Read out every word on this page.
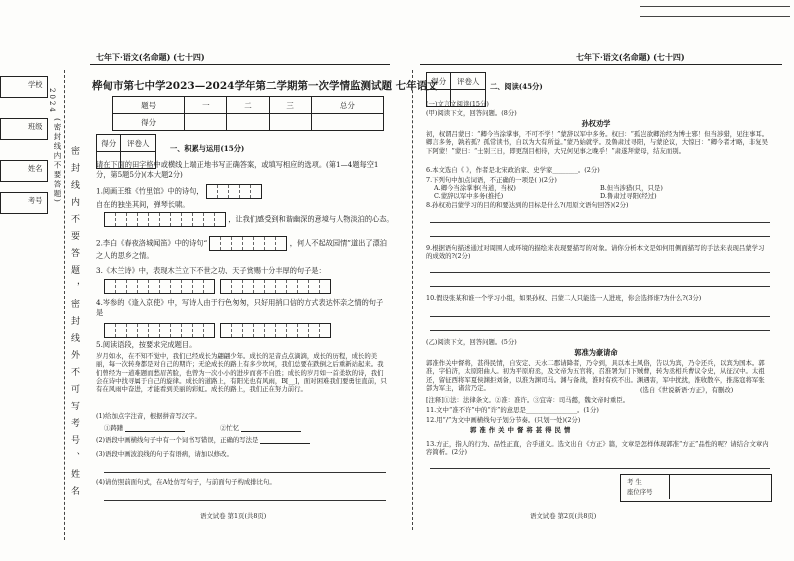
学校
班级
姓名
考号
2024
(密封线内不要答题) 密封线内不要答题，密封线外不可写考号、姓名
七年下·语文(名命题) (七十四)
桦甸市第七中学2023—2024学年第二学期第一次学情监测试题 七年语文
题号	一	二	三	总分
得分				
得分	评卷人

一、积累与运用(15分)
请在下面的田字格中或横线上端正地书写正确答案，或填写相应的选项。(第1—4题每空1分，第5题5分)(本大题2分)
1.阅画王维《竹里馆》中的诗句，
自在的独坐其间，弹琴长啸。
，让我们感受到和谐幽深的意境与人物淡泊的心态。
2.李白《春夜洛城闻笛》中的诗句“	，何人不起故园情”道出了漂泊之人的思乡之情。
3.《木兰诗》中，表现木兰立下不世之功、天子赏赐十分丰厚的句子是：

4.岑参的《逢入京使》中，写诗人由于行色匆匆，只好用捎口信的方式表达怀亲之情的句子是

5.阅读语段，按要求完成题目。
岁月如水，在不知不觉中，我们已经成长为翩翩少年。成长的足音点点滴滴，成长的历程，成长的美丽，每一次转身都是对自己的期许；无论成长的路上有多少坎坷，我们总要在跌倒之后重新站起来。我们曾经为一道难题而愁眉苦脸，也曾为一次小小的进步而喜不自胜；成长的岁月如一首柔软的诗，我们会在诗中找寻属于自己的旋律。成长的道路上，有阳光也有风雨，B[__]，面对困难我们要勇往直前，只有在风雨中奋进，才能看到美丽的彩虹。成长的路上，我们正在努力前行。
(1)给加点字注音，根据拼音写汉字。
①踌躇	②忙忆
(2)语段中画横线句子中有一个词书写错误，正确的写法是
(3)语段中画波浪线的句子有语病，请加以修改。
(4)请仿照前面句式，在A处仿写句子，与前面句子构成排比句。
语文试卷 第1页(共8页)
七年下·语文(名命题) (七十四)
得分	评卷人

二、阅读(45分)
(一)文言文阅读(15分)
(甲)阅读下文，回答问题。(8分)
孙权劝学
初，权谓吕蒙曰：“卿今当涂掌事，不可不学！”蒙辞以军中多务。权曰：“孤岂欲卿治经为博士邪！但当涉猎，见往事耳。卿言多务，孰若孤？孤常读书，自以为大有所益。”蒙乃始就学。及鲁肃过寻阳，与蒙论议，大惊曰：“卿今者才略，非复吴下阿蒙！”蒙曰：“士别三日，即更刮目相待，大兄何见事之晚乎！”肃遂拜蒙母，结友而别。
6.本文选自《 》，作者是北宋政治家、史学家________。(2分)
7.下列句中加点词语，不正确的一项是( )(2分)
A.卿今当涂掌事(当道，当权)	B.但当涉猎(只，只是)
C.蒙辞以军中多务(推托)	D.鲁肃过寻阳(经过)
8.孙权劝吕蒙学习的目的和要达到的目标是什么?(用原文语句回答)(2分)
9.根据语句描述通过对周围人或环境的描绘来表现要描写的对象。请你分析本文是如何用侧面描写的手法来表现吕蒙学习的成效的?(2分)
10.假设张某和谁一个学习小组，如果孙权、吕蒙二人只能选一人进班，你会选择谁?为什么?(3分)
(乙)阅读下文，回答问题。(5分)
郭准为豪请命
郭准作关中督将，甚得民情，自安定、天水二郡请降者，乃令到，具以本土风俗，告以为宾，乃令还兵，以宾为国本。郭准，字伯济，太原阳曲人。初为平原府丞，及文帝为五官将，召淮署为门下贼曹，转为丞相兵曹议令史，从征汉中。太祖还，留征西将军夏侯渊拒刘备，以淮为渊司马。渊与备战，淮时有疾不出。渊遇害，军中扰扰，淮收散卒，推荡寇将军张郃为军主，诸营乃定。	(选自《世说新语·方正》，有删改)
[注释]①法：法律条文。②准：准许。③宜寄：司马懿，魏文帝时重臣。
11.文中“准不许”中的“许”的意思是________________。(1分)
12.用“/”为文中画横线句子划分节奏。(只划一处)(2分)
郭准作关中督将甚得民情
13.方正，指人的行为、品性正直，合乎道义。选文出自《方正》篇，文章是怎样体现郭准“方正”品性的呢？请结合文章内容简析。(2分)
考 生
座位序号
语文试卷 第2页(共8页)
